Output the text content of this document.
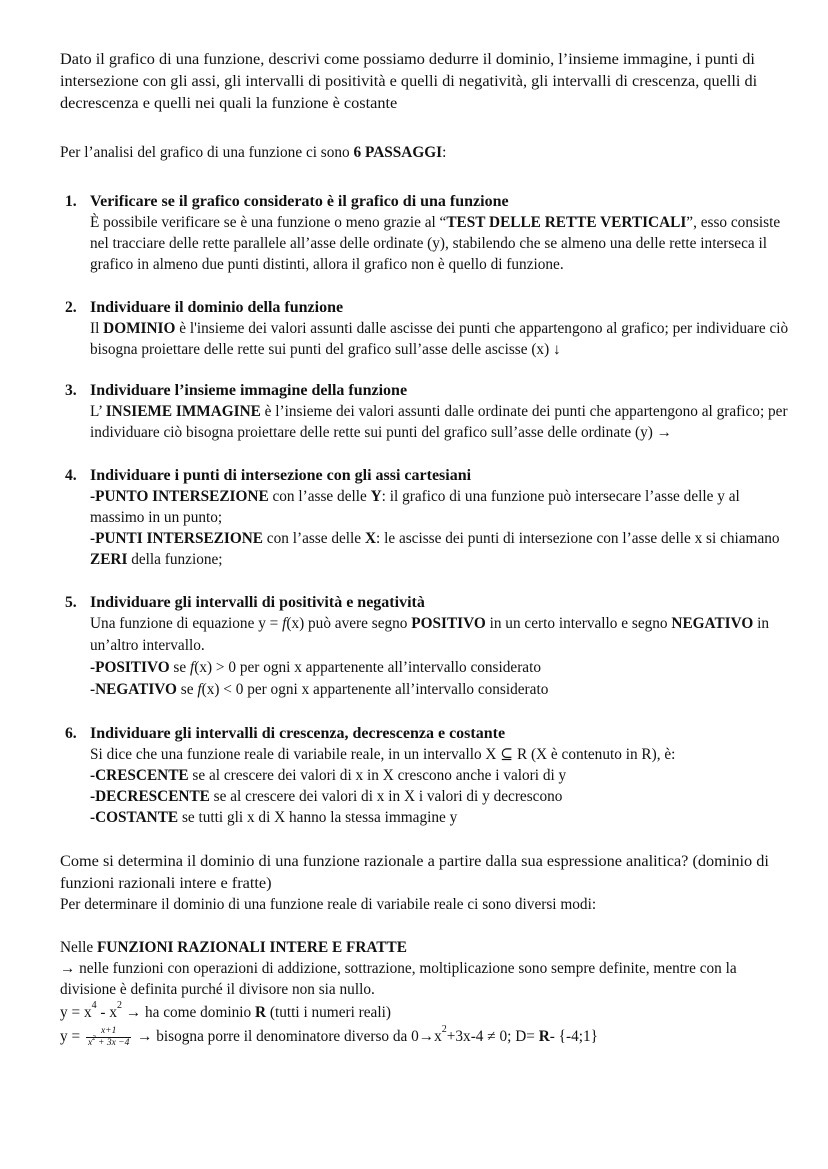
Dato il grafico di una funzione, descrivi come possiamo dedurre il dominio, l’insieme immagine, i punti di intersezione con gli assi, gli intervalli di positività e quelli di negatività, gli intervalli di crescenza, quelli di decrescenza e quelli nei quali la funzione è costante

Per l’analisi del grafico di una funzione ci sono 6 PASSAGGI:

1. Verificare se il grafico considerato è il grafico di una funzione
È possibile verificare se è una funzione o meno grazie al “TEST DELLE RETTE VERTICALI”, esso consiste nel tracciare delle rette parallele all’asse delle ordinate (y), stabilendo che se almeno una delle rette interseca il grafico in almeno due punti distinti, allora il grafico non è quello di funzione.
2. Individuare il dominio della funzione
Il DOMINIO è l'insieme dei valori assunti dalle ascisse dei punti che appartengono al grafico; per individuare ciò bisogna proiettare delle rette sui punti del grafico sull’asse delle ascisse (x) ↓
3. Individuare l’insieme immagine della funzione
L’ INSIEME IMMAGINE è l’insieme dei valori assunti dalle ordinate dei punti che appartengono al grafico; per individuare ciò bisogna proiettare delle rette sui punti del grafico sull’asse delle ordinate (y) →
4. Individuare i punti di intersezione con gli assi cartesiani
-PUNTO INTERSEZIONE con l’asse delle Y: il grafico di una funzione può intersecare l’asse delle y al massimo in un punto;
-PUNTI INTERSEZIONE con l’asse delle X: le ascisse dei punti di intersezione con l’asse delle x si chiamano ZERI della funzione;
5. Individuare gli intervalli di positività e negatività
Una funzione di equazione y = f(x) può avere segno POSITIVO in un certo intervallo e segno NEGATIVO in un’altro intervallo.
-POSITIVO se f(x) > 0 per ogni x appartenente all’intervallo considerato
-NEGATIVO se f(x) < 0 per ogni x appartenente all’intervallo considerato
6. Individuare gli intervalli di crescenza, decrescenza e costante
Si dice che una funzione reale di variabile reale, in un intervallo X ⊆ R (X è contenuto in R), è:
-CRESCENTE se al crescere dei valori di x in X crescono anche i valori di y
-DECRESCENTE se al crescere dei valori di x in X i valori di y decrescono
-COSTANTE se tutti gli x di X hanno la stessa immagine y

Come si determina il dominio di una funzione razionale a partire dalla sua espressione analitica? (dominio di funzioni razionali intere e fratte)

Per determinare il dominio di una funzione reale di variabile reale ci sono diversi modi:

Nelle FUNZIONI RAZIONALI INTERE E FRATTE

→ nelle funzioni con operazioni di addizione, sottrazione, moltiplicazione sono sempre definite, mentre con la divisione è definita purché il divisore non sia nullo.

$y = x^4 - x^2$ → ha come dominio R (tutti i numeri reali)
$y = \frac{x+1}{x^2 + 3x -4}$ → bisogna porre il denominatore diverso da $0\to x^2+3x-4 \ne 0$; D= R- {-4;1}
